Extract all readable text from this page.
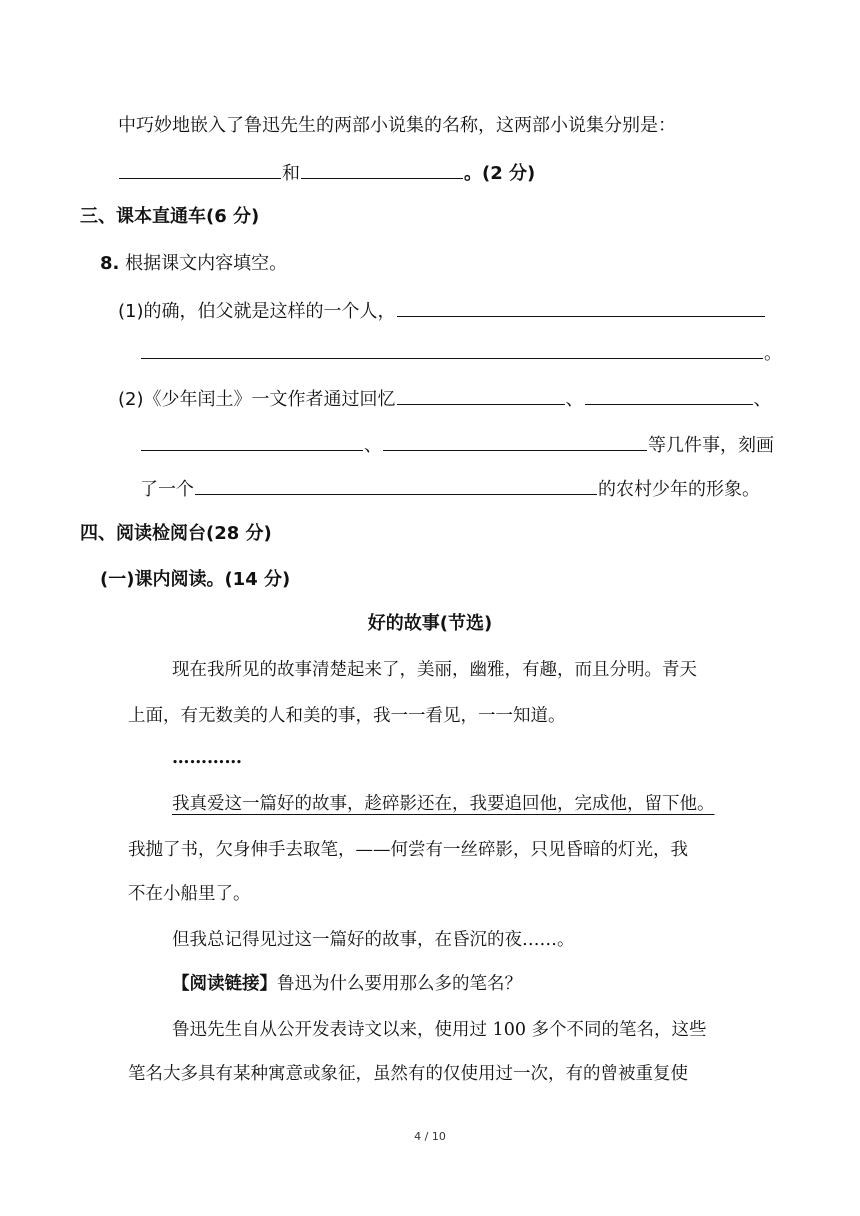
中巧妙地嵌入了鲁迅先生的两部小说集的名称，这两部小说集分别是：
和	。(2 分)
三、课本直通车(6 分)
8. 根据课文内容填空。
(1)的确，伯父就是这样的一个人，
。
(2)《少年闰土》一文作者通过回忆	、	、
、	等几件事，刻画
了一个	的农村少年的形象。
四、阅读检阅台(28 分)
(一)课内阅读。(14 分)
好的故事(节选)
现在我所见的故事清楚起来了，美丽，幽雅，有趣，而且分明。青天
上面，有无数美的人和美的事，我一一看见，一一知道。
…………
我真爱这一篇好的故事，趁碎影还在，我要追回他，完成他，留下他。
我抛了书，欠身伸手去取笔，——何尝有一丝碎影，只见昏暗的灯光，我
不在小船里了。
但我总记得见过这一篇好的故事，在昏沉的夜……。
【阅读链接】鲁迅为什么要用那么多的笔名？
鲁迅先生自从公开发表诗文以来，使用过 100 多个不同的笔名，这些
笔名大多具有某种寓意或象征，虽然有的仅使用过一次，有的曾被重复使
4 / 10
